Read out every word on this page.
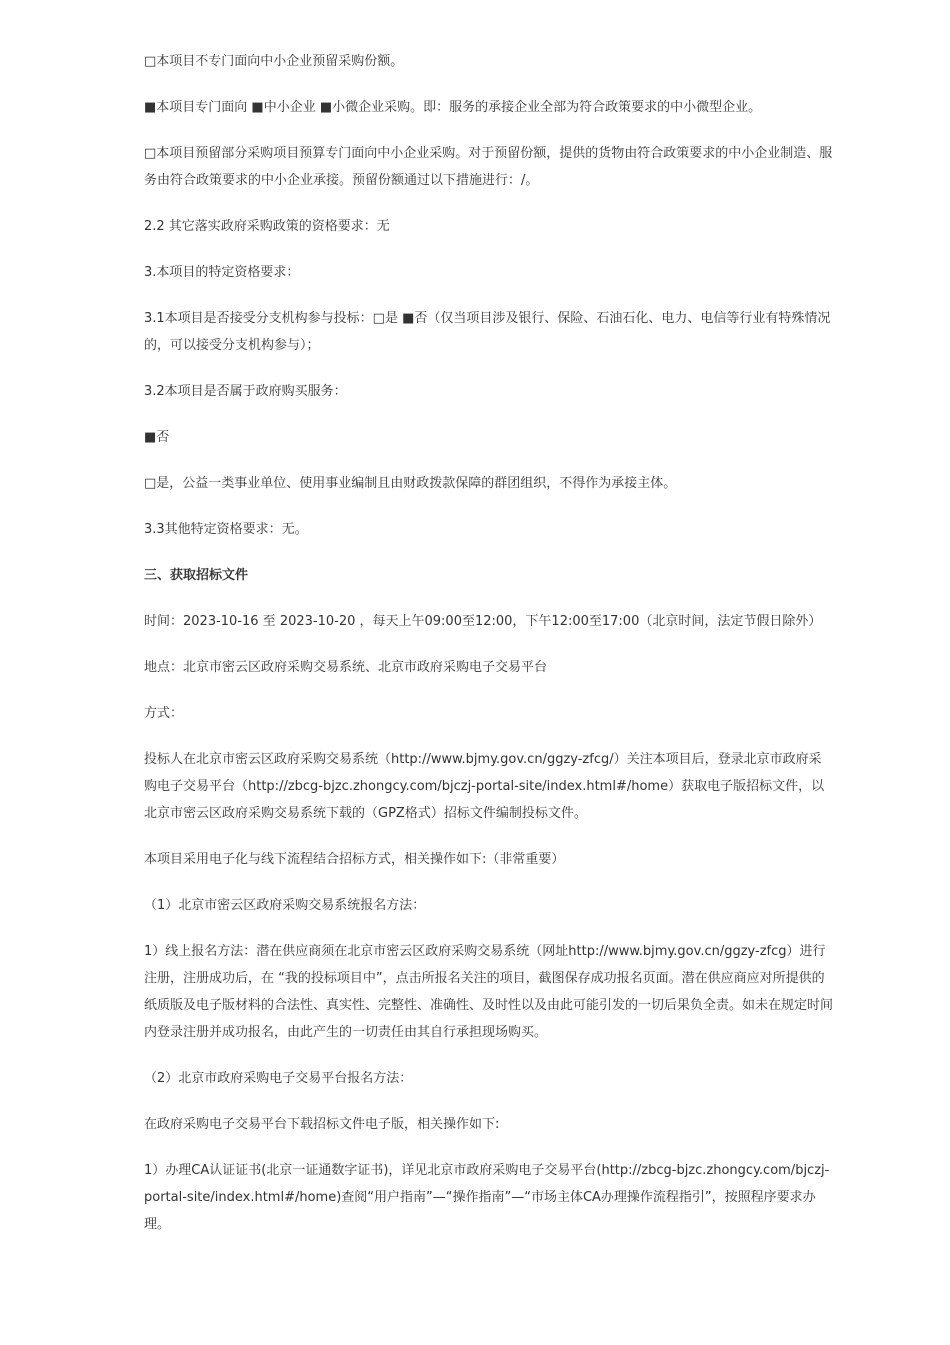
□本项目不专门面向中小企业预留采购份额。

■本项目专门面向 ■中小企业 ■小微企业采购。即：服务的承接企业全部为符合政策要求的中小微型企业。

□本项目预留部分采购项目预算专门面向中小企业采购。对于预留份额，提供的货物由符合政策要求的中小企业制造、服务由符合政策要求的中小企业承接。预留份额通过以下措施进行：/。

2.2 其它落实政府采购政策的资格要求：无

3.本项目的特定资格要求：

3.1本项目是否接受分支机构参与投标：□是 ■否（仅当项目涉及银行、保险、石油石化、电力、电信等行业有特殊情况的，可以接受分支机构参与）；

3.2本项目是否属于政府购买服务：

■否

□是，公益一类事业单位、使用事业编制且由财政拨款保障的群团组织，不得作为承接主体。

3.3其他特定资格要求：无。

三、获取招标文件

时间：2023-10-16 至 2023-10-20 ，每天上午09:00至12:00，下午12:00至17:00（北京时间，法定节假日除外）

地点：北京市密云区政府采购交易系统、北京市政府采购电子交易平台

方式：

投标人在北京市密云区政府采购交易系统（http://www.bjmy.gov.cn/ggzy-zfcg/）关注本项目后，登录北京市政府采购电子交易平台（http://zbcg-bjzc.zhongcy.com/bjczj-portal-site/index.html#/home）获取电子版招标文件，以北京市密云区政府采购交易系统下载的（GPZ格式）招标文件编制投标文件。

本项目采用电子化与线下流程结合招标方式，相关操作如下:（非常重要）

（1）北京市密云区政府采购交易系统报名方法：

1）线上报名方法：潜在供应商须在北京市密云区政府采购交易系统（网址http://www.bjmy.gov.cn/ggzy-zfcg）进行注册，注册成功后，在 “我的投标项目中”，点击所报名关注的项目，截图保存成功报名页面。潜在供应商应对所提供的纸质版及电子版材料的合法性、真实性、完整性、准确性、及时性以及由此可能引发的一切后果负全责。如未在规定时间内登录注册并成功报名，由此产生的一切责任由其自行承担现场购买。

（2）北京市政府采购电子交易平台报名方法：

在政府采购电子交易平台下载招标文件电子版，相关操作如下:

1）办理CA认证证书(北京一证通数字证书)，详见北京市政府采购电子交易平台(http://zbcg-bjzc.zhongcy.com/bjczj-portal-site/index.html#/home)查阅“用户指南”—“操作指南”—“市场主体CA办理操作流程指引”，按照程序要求办理。
